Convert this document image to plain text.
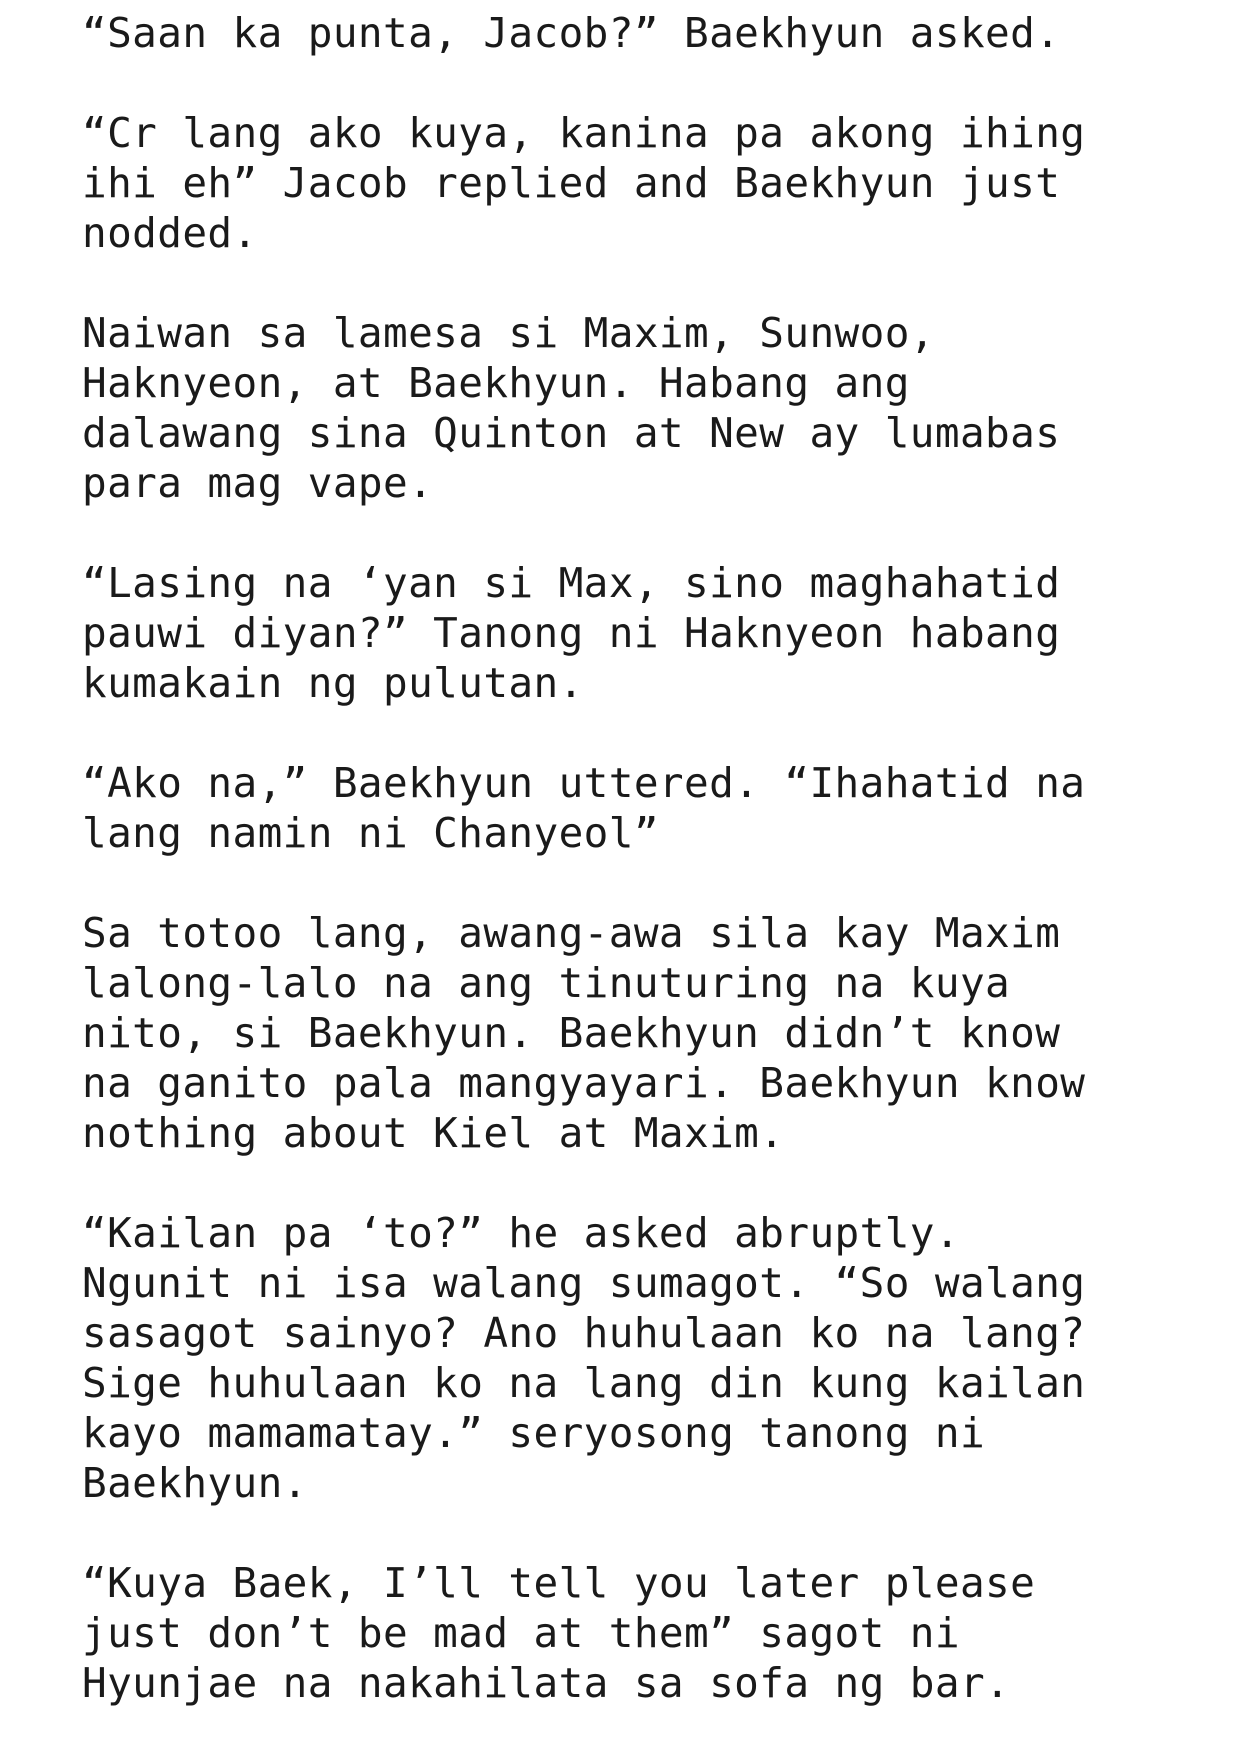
“Saan ka punta, Jacob?” Baekhyun asked.

“Cr lang ako kuya, kanina pa akong ihing
ihi eh” Jacob replied and Baekhyun just
nodded.

Naiwan sa lamesa si Maxim, Sunwoo,
Haknyeon, at Baekhyun. Habang ang
dalawang sina Quinton at New ay lumabas
para mag vape.

“Lasing na ‘yan si Max, sino maghahatid
pauwi diyan?” Tanong ni Haknyeon habang
kumakain ng pulutan.

“Ako na,” Baekhyun uttered. “Ihahatid na
lang namin ni Chanyeol”

Sa totoo lang, awang-awa sila kay Maxim
lalong-lalo na ang tinuturing na kuya
nito, si Baekhyun. Baekhyun didn’t know
na ganito pala mangyayari. Baekhyun know
nothing about Kiel at Maxim.

“Kailan pa ‘to?” he asked abruptly.
Ngunit ni isa walang sumagot. “So walang
sasagot sainyo? Ano huhulaan ko na lang?
Sige huhulaan ko na lang din kung kailan
kayo mamamatay.” seryosong tanong ni
Baekhyun.

“Kuya Baek, I’ll tell you later please
just don’t be mad at them” sagot ni
Hyunjae na nakahilata sa sofa ng bar.
